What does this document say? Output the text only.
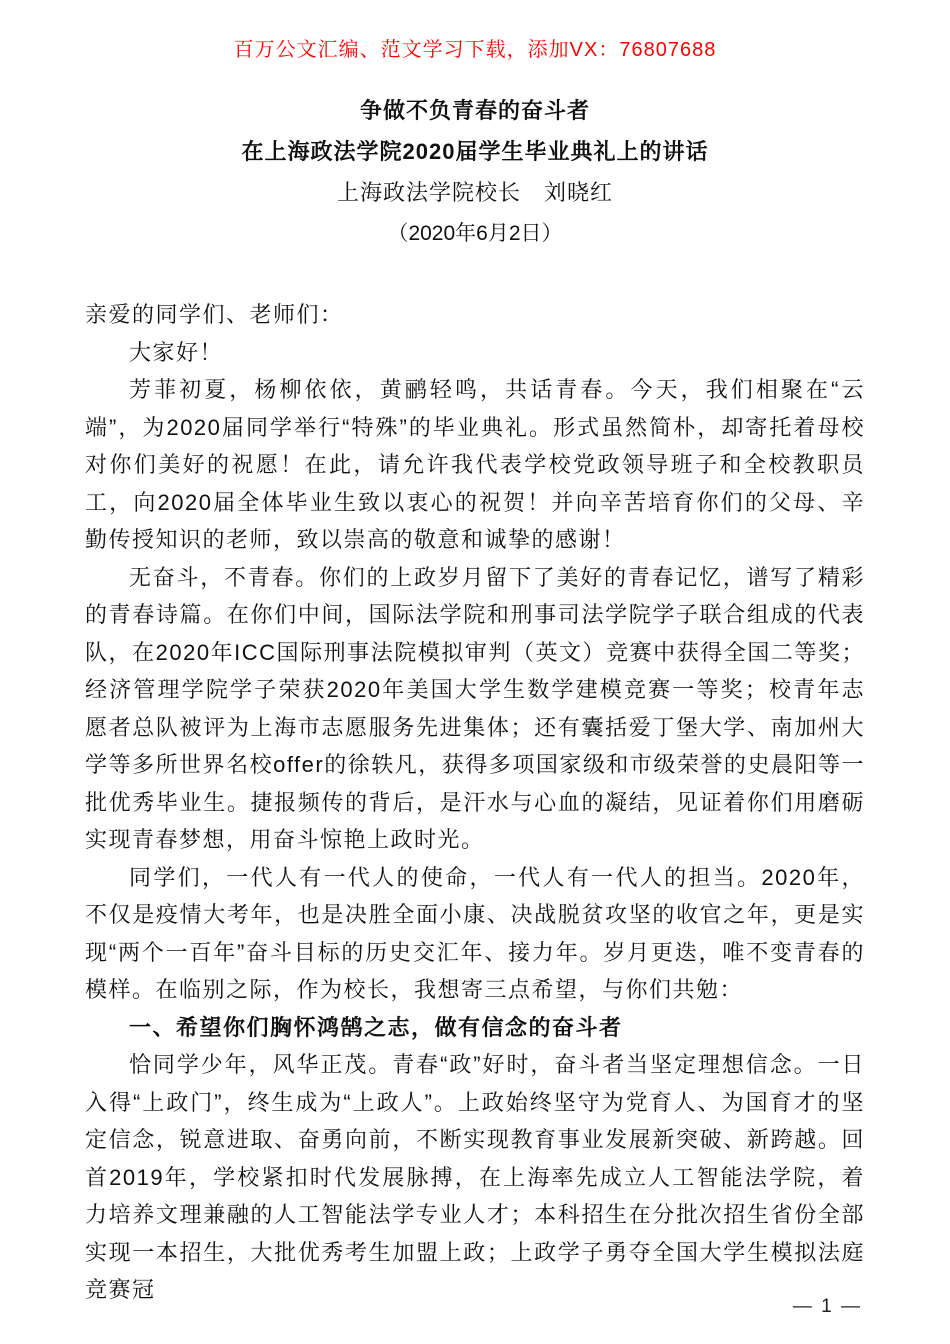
百万公文汇编、范文学习下载，添加VX：76807688
争做不负青春的奋斗者
在上海政法学院2020届学生毕业典礼上的讲话
上海政法学院校长　刘晓红
（2020年6月2日）

亲爱的同学们、老师们：

大家好！

芳菲初夏，杨柳依依，黄鹂轻鸣，共话青春。今天，我们相聚在“云端”，为2020届同学举行“特殊”的毕业典礼。形式虽然简朴，却寄托着母校对你们美好的祝愿！在此，请允许我代表学校党政领导班子和全校教职员工，向2020届全体毕业生致以衷心的祝贺！并向辛苦培育你们的父母、辛勤传授知识的老师，致以崇高的敬意和诚挚的感谢！

无奋斗，不青春。你们的上政岁月留下了美好的青春记忆，谱写了精彩的青春诗篇。在你们中间，国际法学院和刑事司法学院学子联合组成的代表队，在2020年ICC国际刑事法院模拟审判（英文）竞赛中获得全国二等奖；经济管理学院学子荣获2020年美国大学生数学建模竞赛一等奖；校青年志愿者总队被评为上海市志愿服务先进集体；还有囊括爱丁堡大学、南加州大学等多所世界名校offer的徐轶凡，获得多项国家级和市级荣誉的史晨阳等一批优秀毕业生。捷报频传的背后，是汗水与心血的凝结，见证着你们用磨砺实现青春梦想，用奋斗惊艳上政时光。

同学们，一代人有一代人的使命，一代人有一代人的担当。2020年，不仅是疫情大考年，也是决胜全面小康、决战脱贫攻坚的收官之年，更是实现“两个一百年”奋斗目标的历史交汇年、接力年。岁月更迭，唯不变青春的模样。在临别之际，作为校长，我想寄三点希望，与你们共勉：

一、希望你们胸怀鸿鹄之志，做有信念的奋斗者

恰同学少年，风华正茂。青春“政”好时，奋斗者当坚定理想信念。一日入得“上政门”，终生成为“上政人”。上政始终坚守为党育人、为国育才的坚定信念，锐意进取、奋勇向前，不断实现教育事业发展新突破、新跨越。回首2019年，学校紧扣时代发展脉搏，在上海率先成立人工智能法学院，着力培养文理兼融的人工智能法学专业人才；本科招生在分批次招生省份全部实现一本招生，大批优秀考生加盟上政；上政学子勇夺全国大学生模拟法庭竞赛冠

— 1 —
